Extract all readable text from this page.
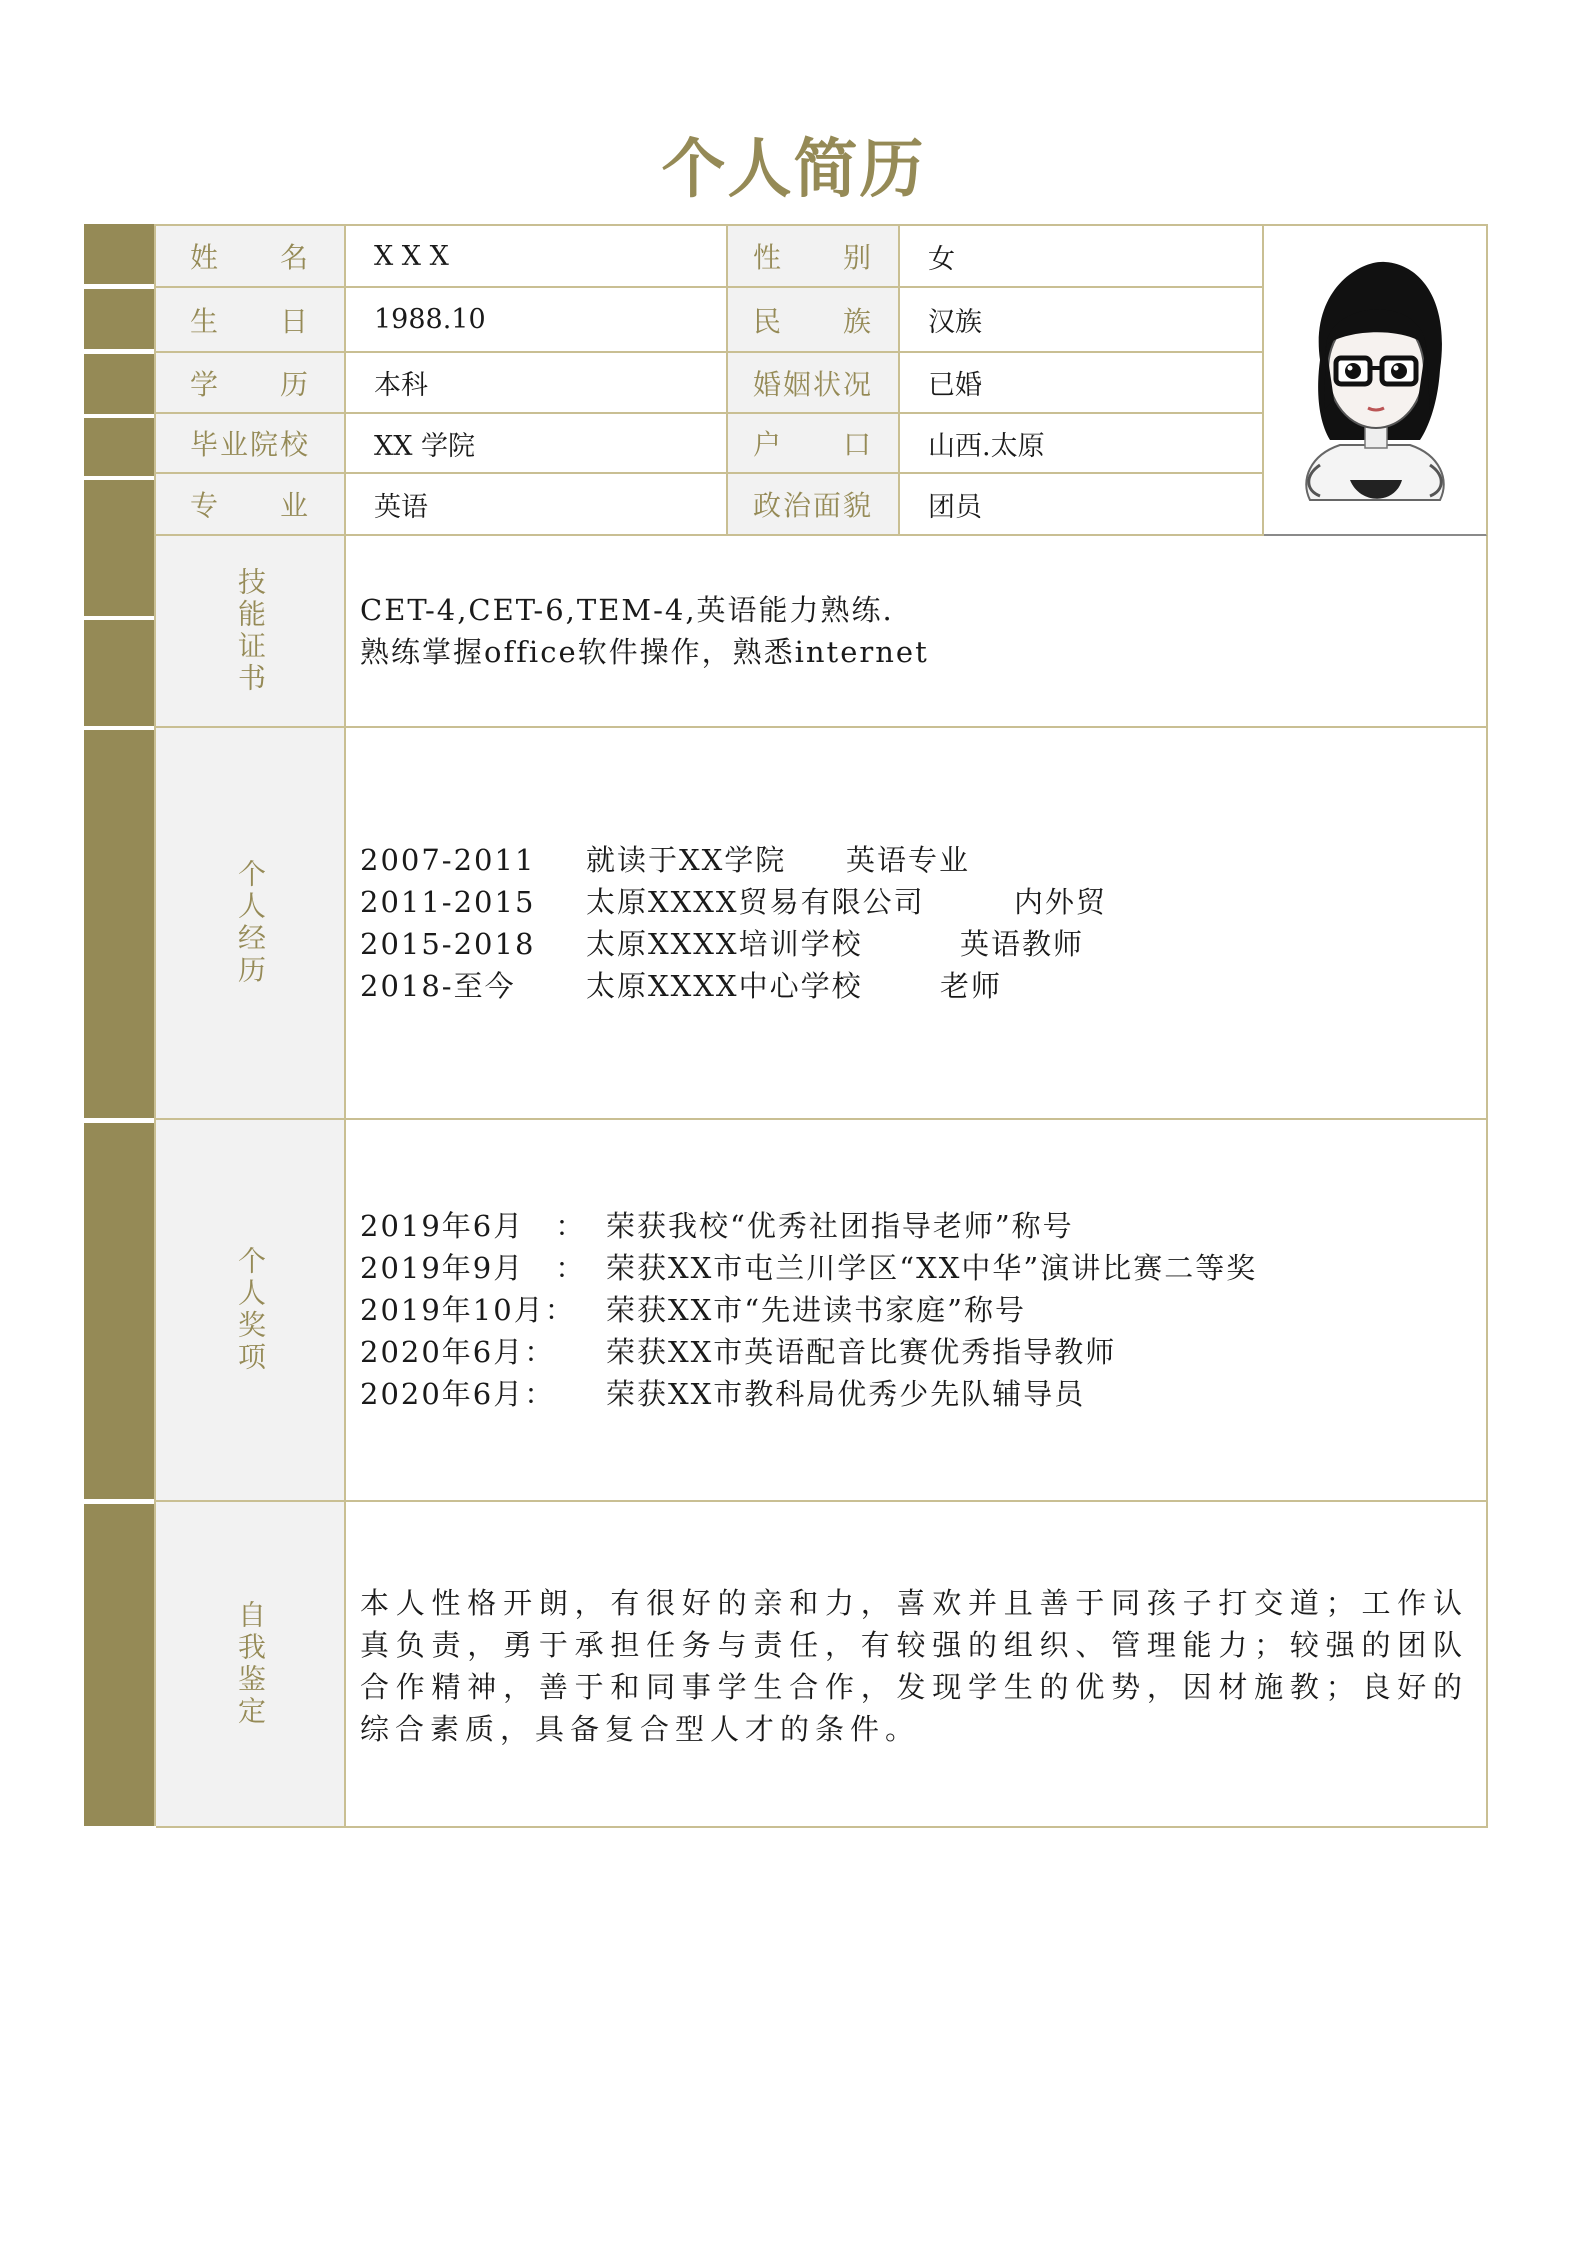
个人简历
姓　　名	X X X	性　　别	女
生　　日	1988.10	民　　族	汉族
学　　历	本科	婚姻状况	已婚
毕业院校	XX 学院	户　　口	山西.太原
专　　业	英语	政治面貌	团员
技能证书	CET-4,CET-6,TEM-4,英语能力熟练.
熟练掌握office软件操作，熟悉internet
个人经历	2007-2011	就读于XX学院	英语专业
2011-2015	太原XXXX贸易有限公司	内外贸
2015-2018	太原XXXX培训学校	英语教师
2018-至今	太原XXXX中心学校	老师
个人奖项
2019年6月　： 荣获我校“优秀社团指导老师”称号
2019年9月　： 荣获XX市屯兰川学区“XX中华”演讲比赛二等奖
2019年10月：	荣获XX市“先进读书家庭”称号
2020年6月：	荣获XX市英语配音比赛优秀指导教师
2020年6月：	荣获XX市教科局优秀少先队辅导员
自我鉴定	本人性格开朗，有很好的亲和力，喜欢并且善于同孩子打交道；工作认真负责，勇于承担任务与责任，有较强的组织、管理能力；较强的团队合作精神，善于和同事学生合作，发现学生的优势，因材施教；良好的综合素质，具备复合型人才的条件。
